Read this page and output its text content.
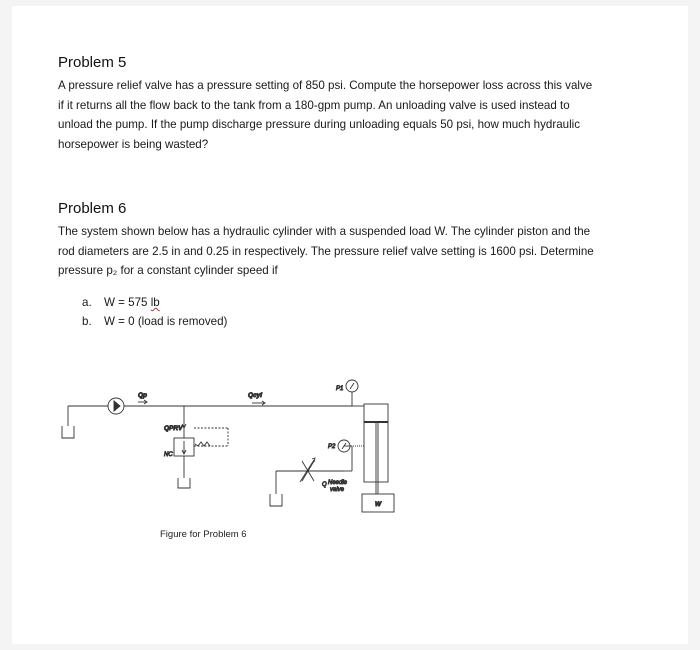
Problem 5
A pressure relief valve has a pressure setting of 850 psi. Compute the horsepower loss across this valve
if it returns all the flow back to the tank from a 180-gpm pump. An unloading valve is used instead to
unload the pump. If the pump discharge pressure during unloading equals 50 psi, how much hydraulic
horsepower is being wasted?
Problem 6
The system shown below has a hydraulic cylinder with a suspended load W. The cylinder piston and the
rod diameters are 2.5 in and 0.25 in respectively. The pressure relief valve setting is 1600 psi. Determine
pressure p₂ for a constant cylinder speed if
a.	W = 575 lb
b.	W = 0 (load is removed)
Qp	Qcyl
QPRV
NC
Q Needle
valve
P1
P2
W
Figure for Problem 6
